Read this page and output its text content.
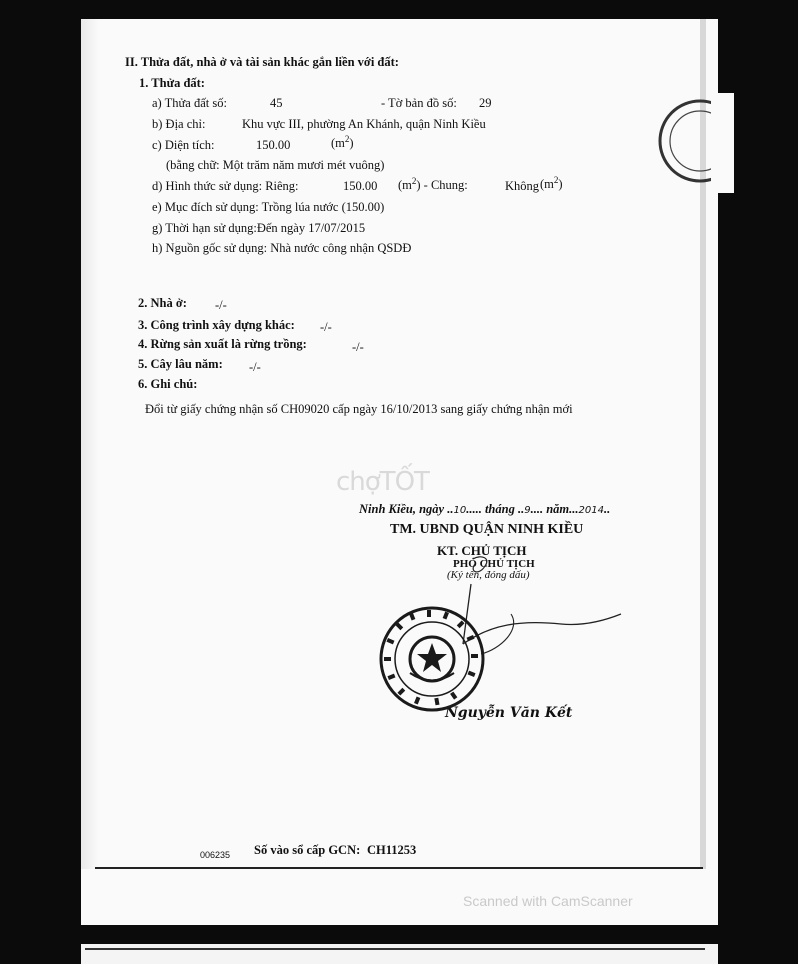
II. Thửa đất, nhà ở và tài sản khác gắn liền với đất:
1. Thửa đất:
a) Thửa đất số:	45	- Tờ bản đồ số: 29
b) Địa chỉ:	Khu vực III, phường An Khánh, quận Ninh Kiều
c) Diện tích:	150.00	$(m^2)$
(bằng chữ: Một trăm năm mươi mét vuông)
d) Hình thức sử dụng: Riêng:	150.00 $(m^2)$ - Chung:	Không $(m^2)$
e) Mục đích sử dụng: Trồng lúa nước (150.00)
g) Thời hạn sử dụng:Đến ngày 17/07/2015
h) Nguồn gốc sử dụng: Nhà nước công nhận QSDĐ
2. Nhà ở: -/-
3. Công trình xây dựng khác: -/-
4. Rừng sản xuất là rừng trồng:	-/-
5. Cây lâu năm: -/-
6. Ghi chú:
Đổi từ giấy chứng nhận số CH09020 cấp ngày 16/10/2013 sang giấy chứng nhận mới
chợTỐT
Ninh Kiều, ngày ..10..... tháng ..9.... năm...2014..
TM. UBND QUẬN NINH KIỀU
KT. CHỦ TỊCH
PHÓ CHỦ TỊCH
(Ký tên, đóng dấu)
Nguyễn Văn Kết
006235 Số vào sổ cấp GCN: CH11253
Scanned with CamScanner
